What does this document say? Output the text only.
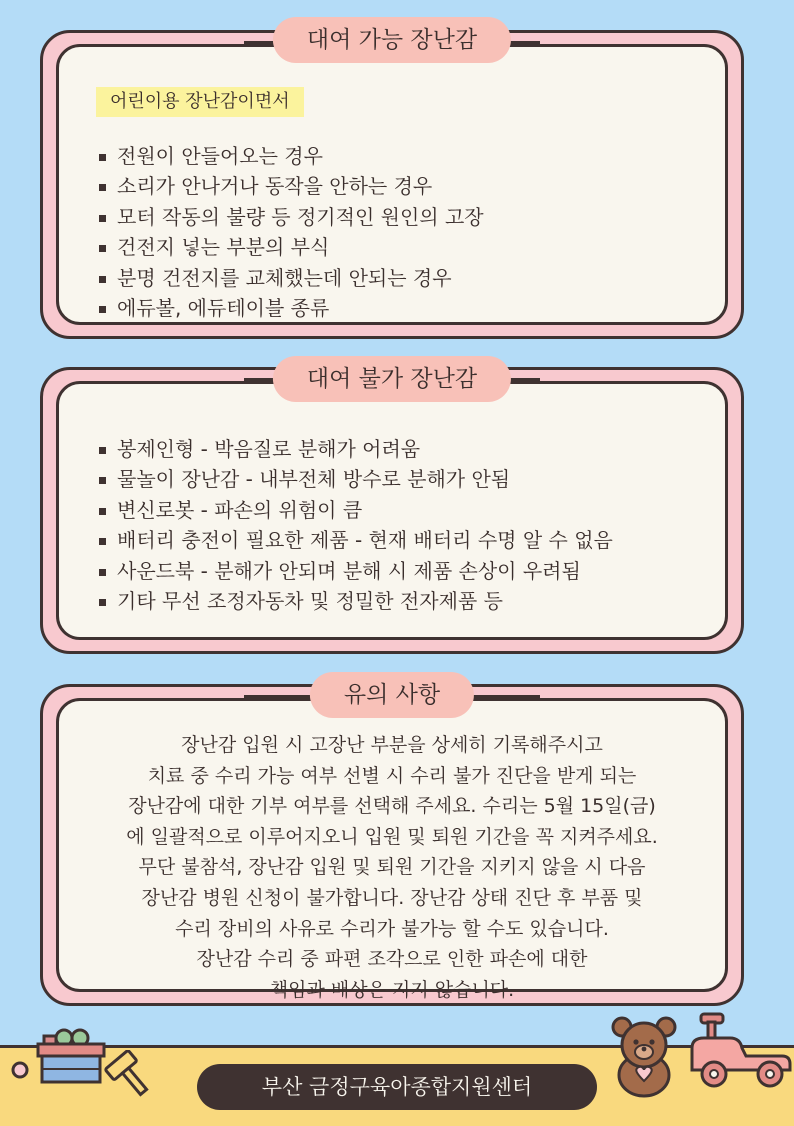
어린이용 장난감이면서
전원이 안들어오는 경우
소리가 안나거나 동작을 안하는 경우
모터 작동의 불량 등 정기적인 원인의 고장
건전지 넣는 부분의 부식
분명 건전지를 교체했는데 안되는 경우
에듀볼, 에듀테이블 종류
대여 가능 장난감
봉제인형 - 박음질로 분해가 어려움
물놀이 장난감 - 내부전체 방수로 분해가 안됨
변신로봇 - 파손의 위험이 큼
배터리 충전이 필요한 제품 - 현재 배터리 수명 알 수 없음
사운드북 - 분해가 안되며 분해 시 제품 손상이 우려됨
기타 무선 조정자동차 및 정밀한 전자제품 등
대여 불가 장난감
장난감 입원 시 고장난 부분을 상세히 기록해주시고
치료 중 수리 가능 여부 선별 시 수리 불가 진단을 받게 되는
장난감에 대한 기부 여부를 선택해 주세요. 수리는 5월 15일(금)
에 일괄적으로 이루어지오니 입원 및 퇴원 기간을 꼭 지켜주세요.
무단 불참석, 장난감 입원 및 퇴원 기간을 지키지 않을 시 다음
장난감 병원 신청이 불가합니다. 장난감 상태 진단 후 부품 및
수리 장비의 사유로 수리가 불가능 할 수도 있습니다.
장난감 수리 중 파편 조각으로 인한 파손에 대한
책임과 배상은 지지 않습니다.
유의 사항
부산 금정구육아종합지원센터
